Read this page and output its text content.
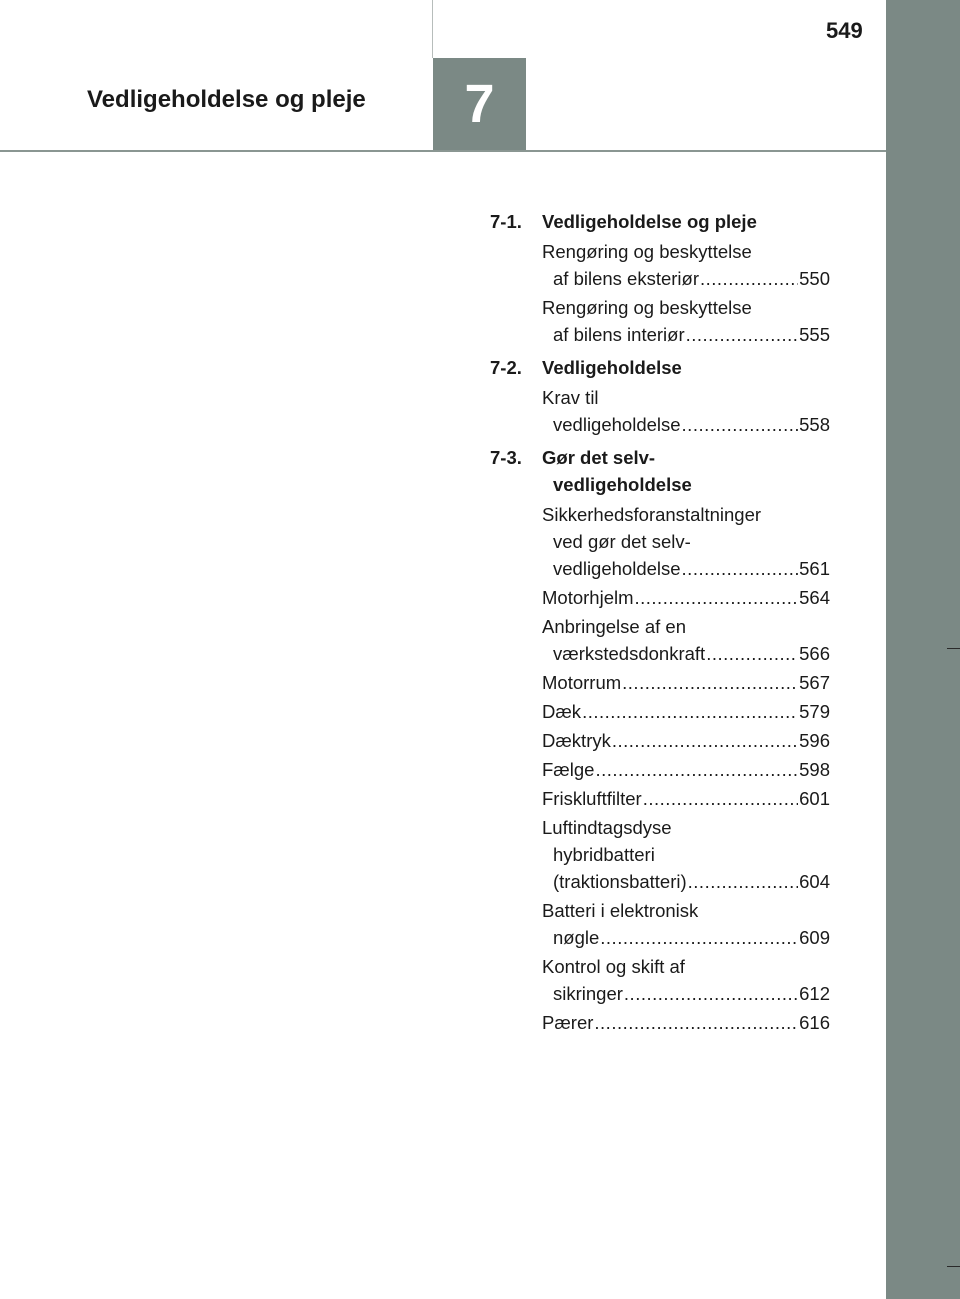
Vedligeholdelse og pleje	7
549
7-1.	Vedligeholdelse og pleje
Rengøring og beskyttelse
af bilens eksteriør .....	550
Rengøring og beskyttelse
af bilens interiør .....	555
7-2.	Vedligeholdelse
Krav til
vedligeholdelse .....	558
7-3.	Gør det selv-
vedligeholdelse
Sikkerhedsforanstaltninger
ved gør det selv-
vedligeholdelse .....	561
Motorhjelm .....	564
Anbringelse af en
værkstedsdonkraft .....	566
Motorrum .....	567
Dæk .....	579
Dæktryk .....	596
Fælge .....	598
Friskluftfilter .....	601
Luftindtagsdyse
hybridbatteri
(traktionsbatteri) .....	604
Batteri i elektronisk
nøgle .....	609
Kontrol og skift af
sikringer .....	612
Pærer .....	616
